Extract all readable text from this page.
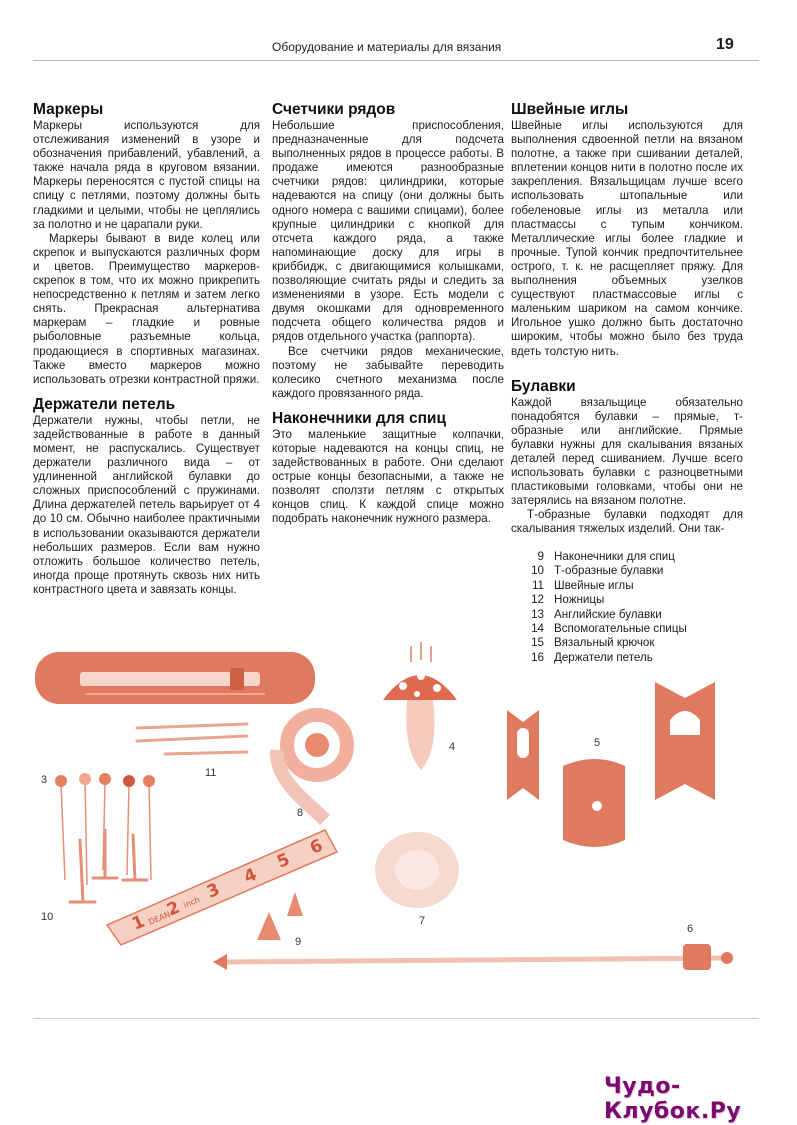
Оборудование и материалы для вязания	19
Маркеры

Маркеры используются для отслеживания изменений в узоре и обозначения прибавлений, убавлений, а также начала ряда в круговом вязании. Маркеры переносятся с пустой спицы на спицу с петлями, поэтому должны быть гладкими и целыми, чтобы не цеплялись за полотно и не царапали руки.

Маркеры бывают в виде колец или скрепок и выпускаются различных форм и цветов. Преимущество маркеров-скрепок в том, что их можно прикрепить непосредственно к петлям и затем легко снять. Прекрасная альтернатива маркерам – гладкие и ровные рыболовные разъемные кольца, продающиеся в спортивных магазинах. Также вместо маркеров можно использовать отрезки контрастной пряжи.

Держатели петель

Держатели нужны, чтобы петли, не задействованные в работе в данный момент, не распускались. Существует держатели различного вида – от удлиненной английской булавки до сложных приспособлений с пружинами. Длина держателей петель варьирует от 4 до 10 см. Обычно наиболее практичными в использовании оказываются держатели небольших размеров. Если вам нужно отложить большое количество петель, иногда проще протянуть сквозь них нить контрастного цвета и завязать концы.

Счетчики рядов

Небольшие приспособления, предназначенные для подсчета выполненных рядов в процессе работы. В продаже имеются разнообразные счетчики рядов: цилиндрики, которые надеваются на спицу (они должны быть одного номера с вашими спицами), более крупные цилиндрики с кнопкой для отсчета каждого ряда, а также напоминающие доску для игры в криббидж, с двигающимися колышками, позволяющие считать ряды и следить за изменениями в узоре. Есть модели с двумя окошками для одновременного подсчета общего количества рядов и рядов отдельного участка (раппорта).

Все счетчики рядов механические, поэтому не забывайте переводить колесико счетного механизма после каждого провязанного ряда.

Наконечники для спиц

Это маленькие защитные колпачки, которые надеваются на концы спиц, не задействованных в работе. Они сделают острые концы безопасными, а также не позволят сползти петлям с открытых концов спиц. К каждой спице можно подобрать наконечник нужного размера.

Швейные иглы

Швейные иглы используются для выполнения сдвоенной петли на вязаном полотне, а также при сшивании деталей, вплетении концов нити в полотно после их закрепления. Вязальщицам лучше всего использовать штопальные или гобеленовые иглы из металла или пластмассы с тупым кончиком. Металлические иглы более гладкие и прочные. Тупой кончик предпочтительнее острого, т. к. не расщепляет пряжу. Для выполнения объемных узелков существуют пластмассовые иглы с маленьким шариком на самом кончике. Игольное ушко должно быть достаточно широким, чтобы можно было без труда вдеть толстую нить.

Булавки

Каждой вязальщице обязательно понадобятся булавки – прямые, т-образные или английские. Прямые булавки нужны для скалывания вязаных деталей перед сшиванием. Лучше всего использовать булавки с разноцветными пластиковыми головками, чтобы они не затерялись на вязаном полотне.

Т-образные булавки подходят для скалывания тяжелых изделий. Они так-

9 Наконечники для спиц
10 Т-образные булавки
11 Швейные иглы
12 Ножницы
13 Английские булавки
14 Вспомогательные спицы
15 Вязальный крючок
16 Держатели петель
1
2
3
4
5
6
DEAN
inch
3
4	5
6
7
8
9
10
11
Чудо-Клубок.Ру
